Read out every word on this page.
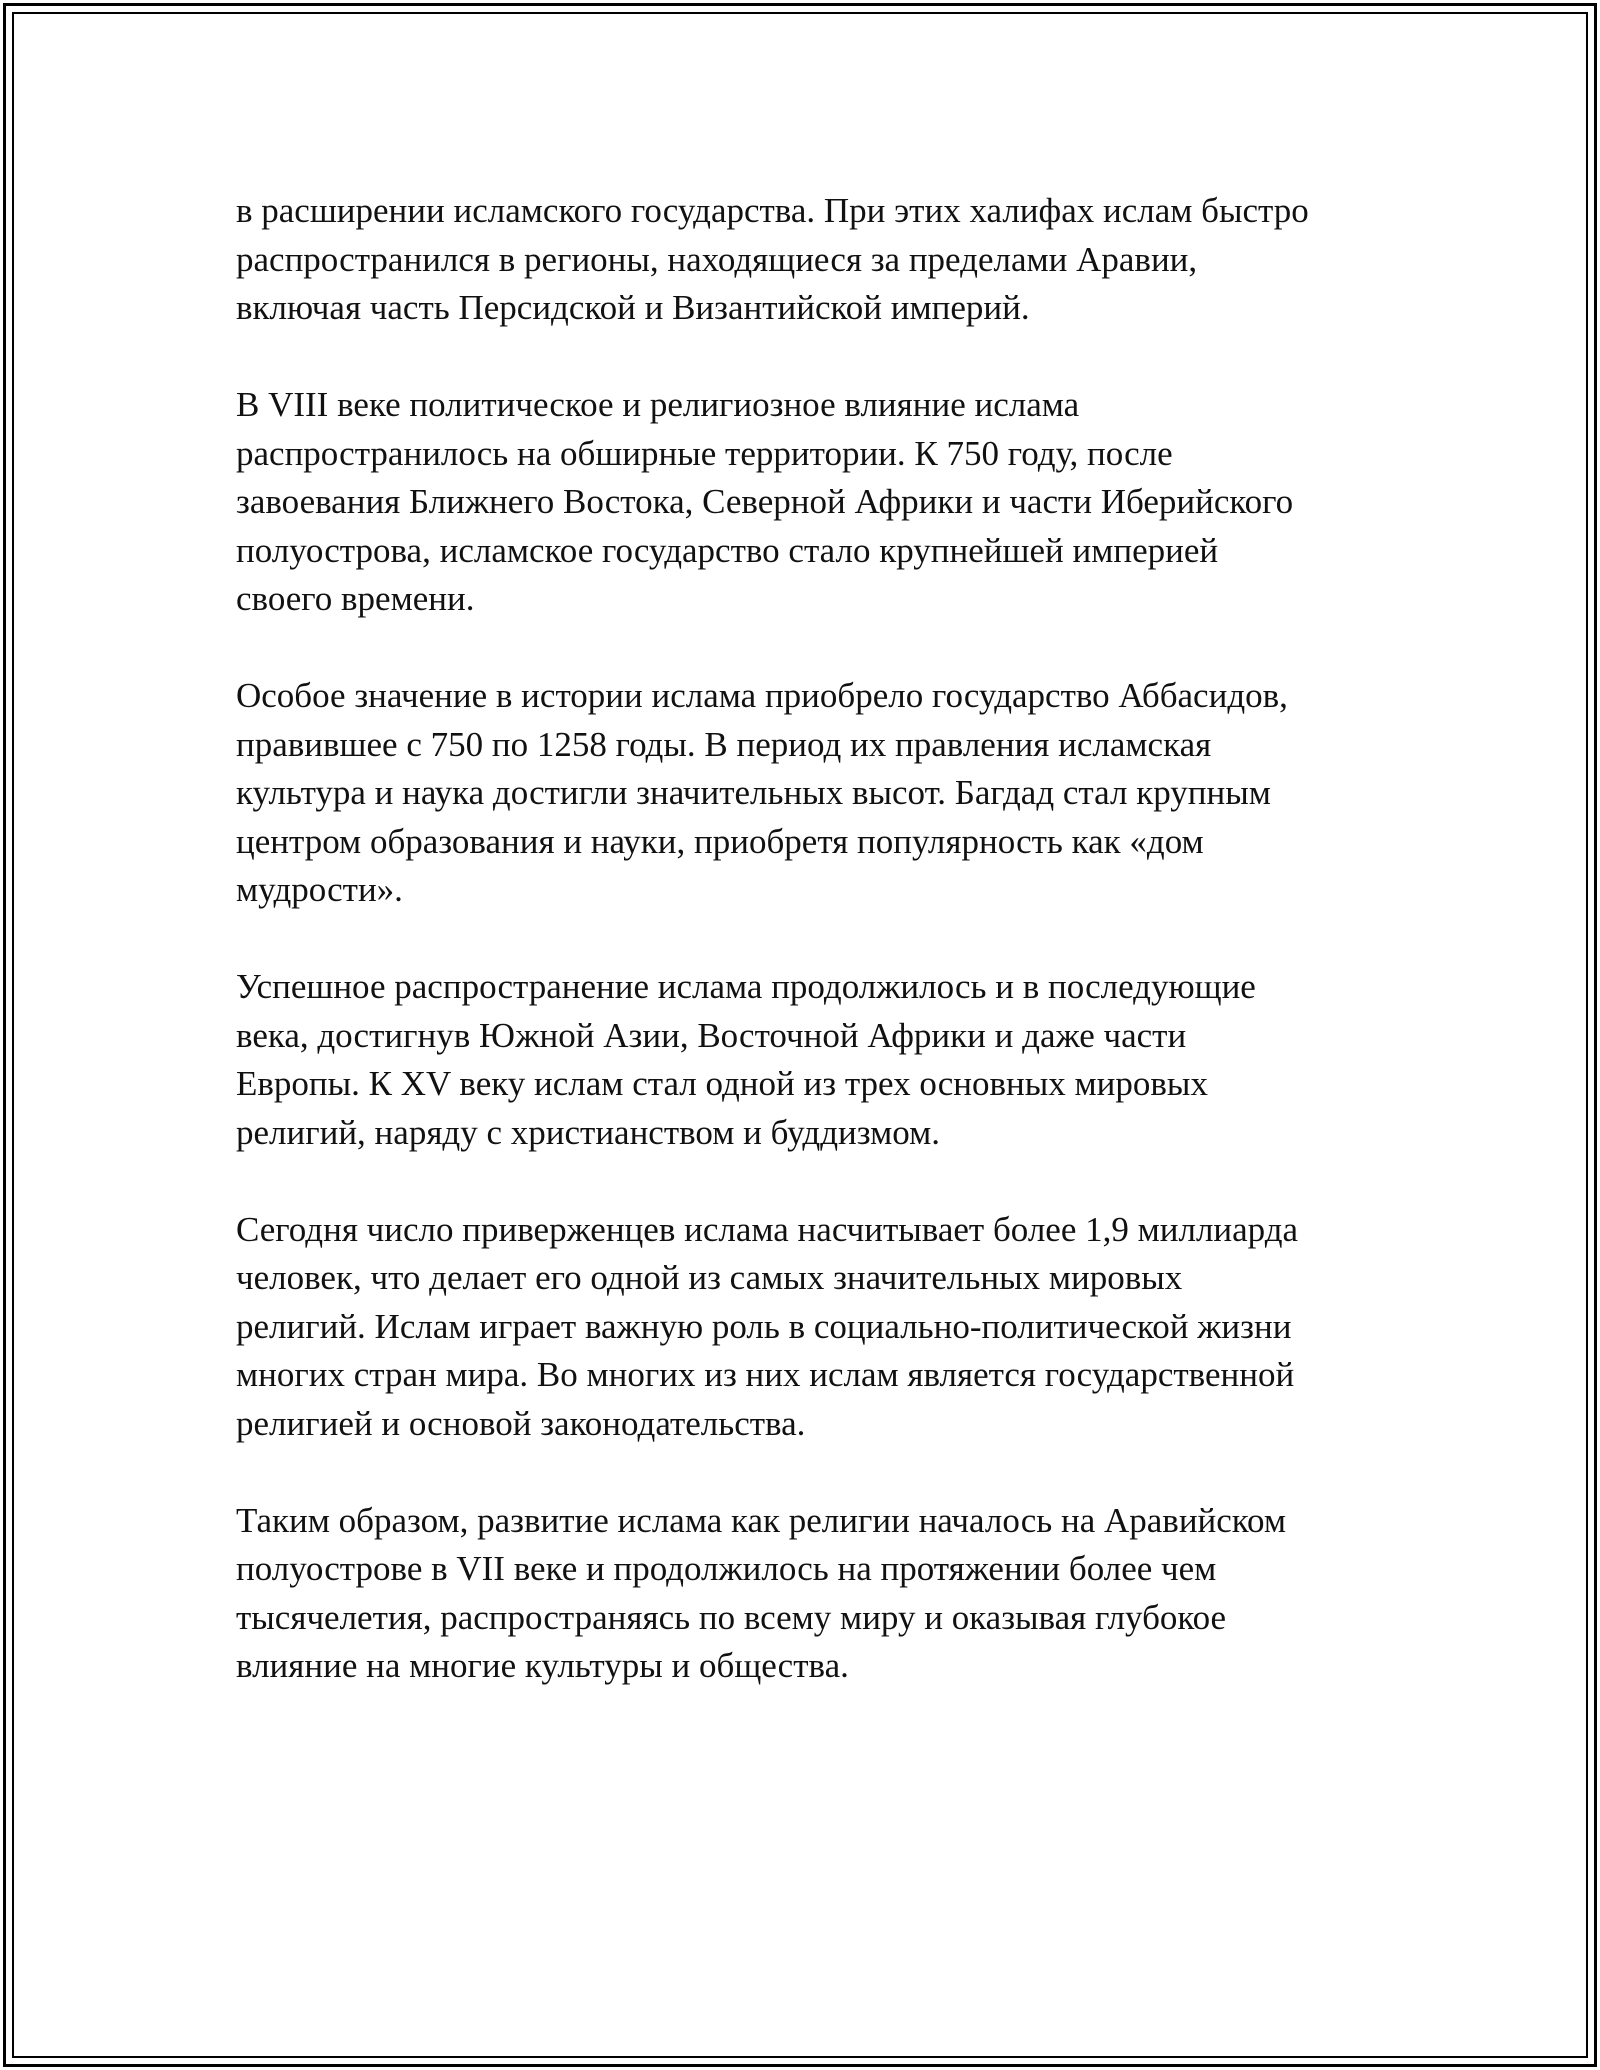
в расширении исламского государства. При этих халифах ислам быстро
распространился в регионы, находящиеся за пределами Аравии,
включая часть Персидской и Византийской империй.

В VIII веке политическое и религиозное влияние ислама
распространилось на обширные территории. К 750 году, после
завоевания Ближнего Востока, Северной Африки и части Иберийского
полуострова, исламское государство стало крупнейшей империей
своего времени.

Особое значение в истории ислама приобрело государство Аббасидов,
правившее с 750 по 1258 годы. В период их правления исламская
культура и наука достигли значительных высот. Багдад стал крупным
центром образования и науки, приобретя популярность как «дом
мудрости».

Успешное распространение ислама продолжилось и в последующие
века, достигнув Южной Азии, Восточной Африки и даже части
Европы. К XV веку ислам стал одной из трех основных мировых
религий, наряду с христианством и буддизмом.

Сегодня число приверженцев ислама насчитывает более 1,9 миллиарда
человек, что делает его одной из самых значительных мировых
религий. Ислам играет важную роль в социально-политической жизни
многих стран мира. Во многих из них ислам является государственной
религией и основой законодательства.

Таким образом, развитие ислама как религии началось на Аравийском
полуострове в VII веке и продолжилось на протяжении более чем
тысячелетия, распространяясь по всему миру и оказывая глубокое
влияние на многие культуры и общества.
